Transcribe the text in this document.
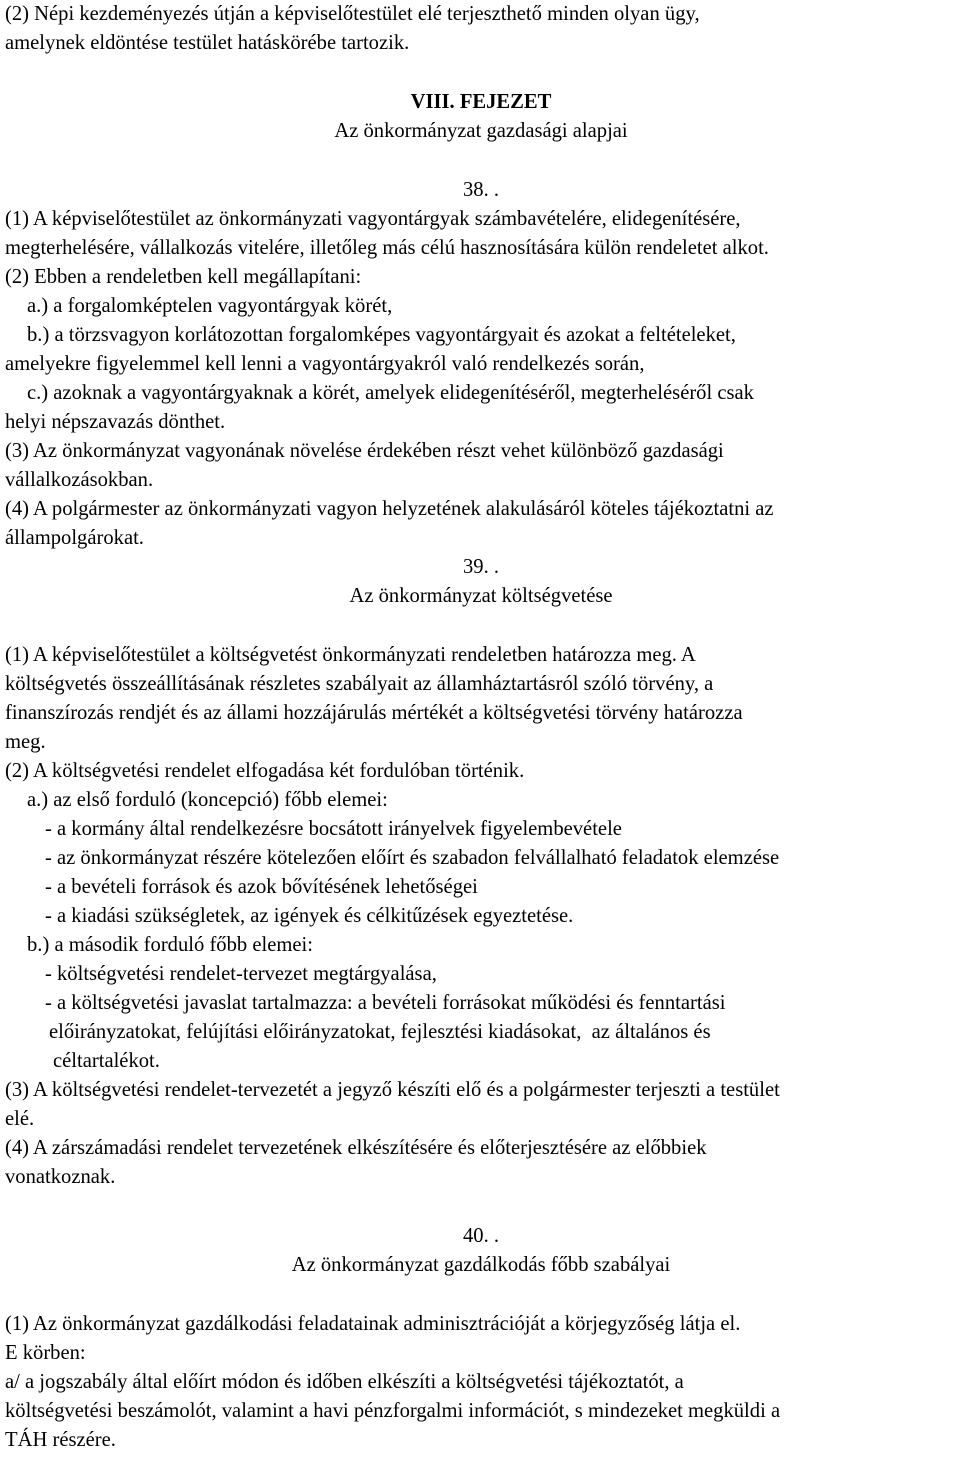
(2) Népi kezdeményezés útján a képviselőtestület elé terjeszthető minden olyan ügy,
amelynek eldöntése testület hatáskörébe tartozik.
VIII. FEJEZET
Az önkormányzat gazdasági alapjai
38. .
(1) A képviselőtestület az önkormányzati vagyontárgyak számbavételére, elidegenítésére,
megterhelésére, vállalkozás vitelére, illetőleg más célú hasznosítására külön rendeletet alkot.
(2) Ebben a rendeletben kell megállapítani:
a.) a forgalomképtelen vagyontárgyak körét,
b.) a törzsvagyon korlátozottan forgalomképes vagyontárgyait és azokat a feltételeket,
amelyekre figyelemmel kell lenni a vagyontárgyakról való rendelkezés során,
c.) azoknak a vagyontárgyaknak a körét, amelyek elidegenítéséről, megterheléséről csak
helyi népszavazás dönthet.
(3) Az önkormányzat vagyonának növelése érdekében részt vehet különböző gazdasági
vállalkozásokban.
(4) A polgármester az önkormányzati vagyon helyzetének alakulásáról köteles tájékoztatni az
állampolgárokat.
39. .
Az önkormányzat költségvetése
(1) A képviselőtestület a költségvetést önkormányzati rendeletben határozza meg. A
költségvetés összeállításának részletes szabályait az államháztartásról szóló törvény, a
finanszírozás rendjét és az állami hozzájárulás mértékét a költségvetési törvény határozza
meg.
(2) A költségvetési rendelet elfogadása két fordulóban történik.
a.) az első forduló (koncepció) főbb elemei:
- a kormány által rendelkezésre bocsátott irányelvek figyelembevétele
- az önkormányzat részére kötelezően előírt és szabadon felvállalható feladatok elemzése
- a bevételi források és azok bővítésének lehetőségei
- a kiadási szükségletek, az igények és célkitűzések egyeztetése.
b.) a második forduló főbb elemei:
- költségvetési rendelet-tervezet megtárgyalása,
- a költségvetési javaslat tartalmazza: a bevételi forrásokat működési és fenntartási
előirányzatokat, felújítási előirányzatokat, fejlesztési kiadásokat,  az általános és
céltartalékot.
(3) A költségvetési rendelet-tervezetét a jegyző készíti elő és a polgármester terjeszti a testület
elé.
(4) A zárszámadási rendelet tervezetének elkészítésére és előterjesztésére az előbbiek
vonatkoznak.
40. .
Az önkormányzat gazdálkodás főbb szabályai
(1) Az önkormányzat gazdálkodási feladatainak adminisztrációját a körjegyzőség látja el.
E körben:
a/ a jogszabály által előírt módon és időben elkészíti a költségvetési tájékoztatót, a
költségvetési beszámolót, valamint a havi pénzforgalmi információt, s mindezeket megküldi a
TÁH részére.
